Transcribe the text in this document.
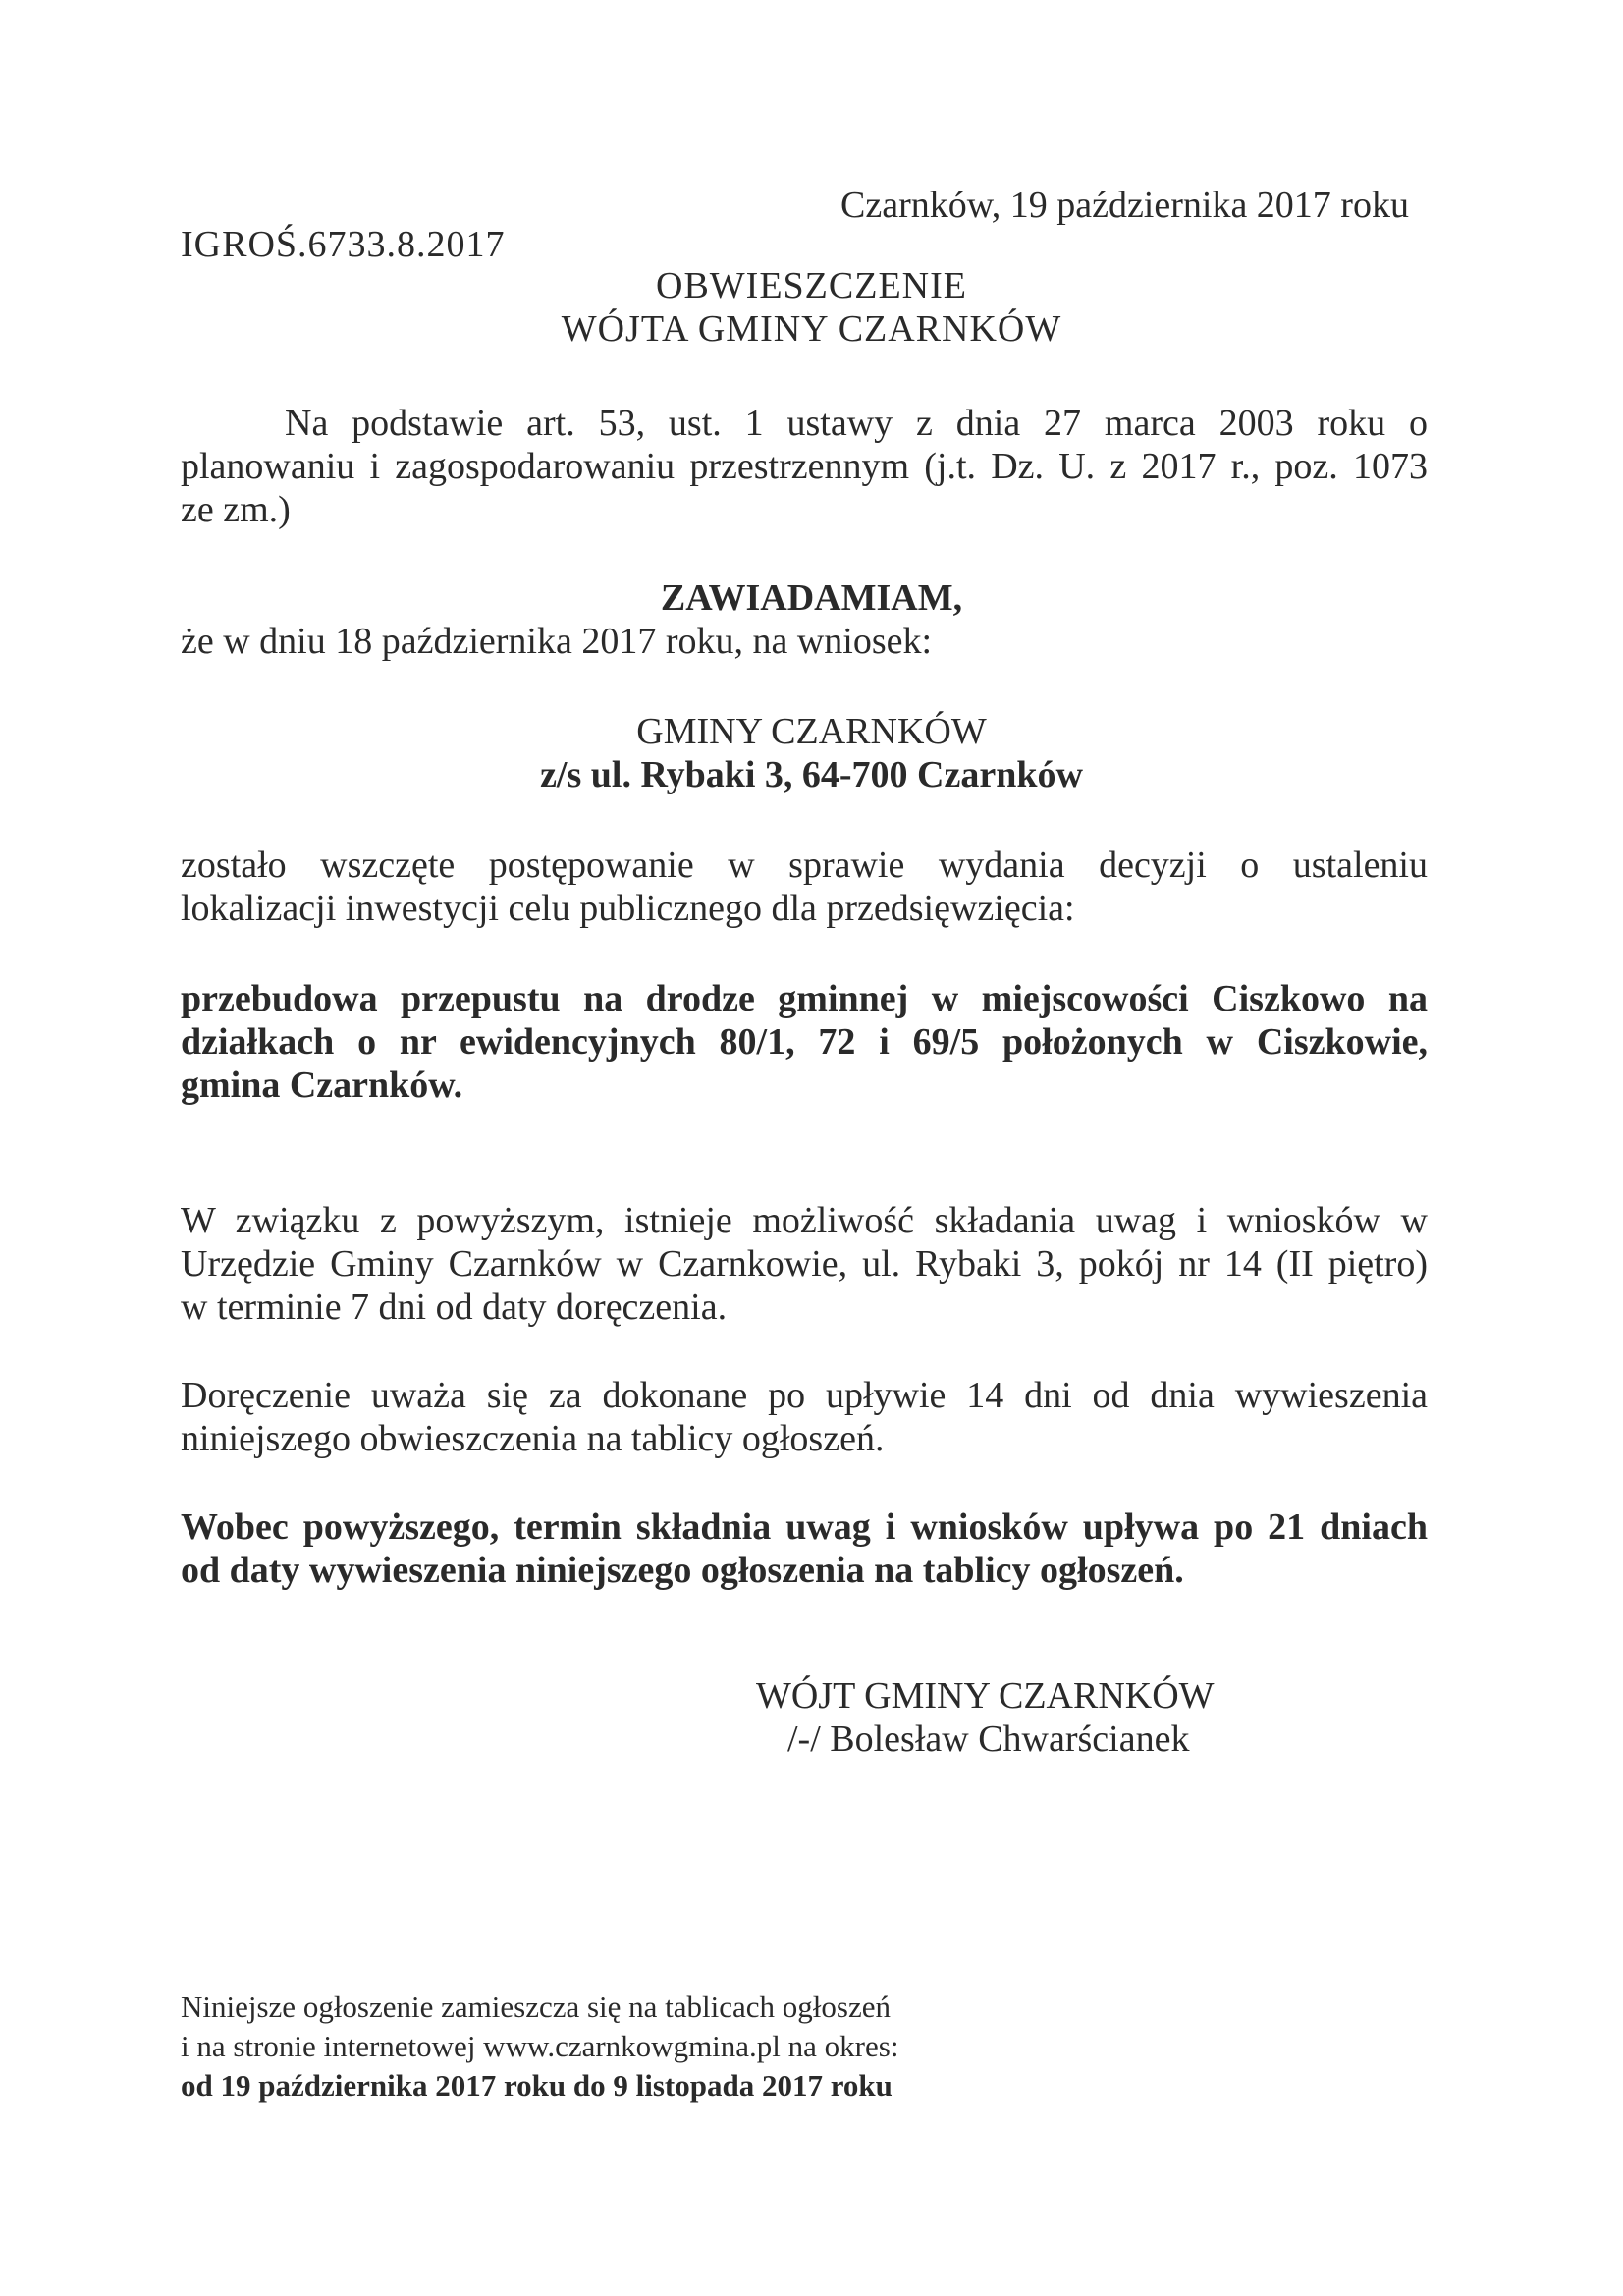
Czarnków, 19 października 2017 roku
IGROŚ.6733.8.2017
OBWIESZCZENIE
WÓJTA GMINY CZARNKÓW
Na podstawie art. 53, ust. 1 ustawy z dnia 27 marca 2003 roku o
planowaniu i zagospodarowaniu przestrzennym (j.t. Dz. U. z 2017 r., poz. 1073
ze zm.)
ZAWIADAMIAM,
że w dniu 18 października 2017 roku, na wniosek:
GMINY CZARNKÓW
z/s ul. Rybaki 3, 64-700 Czarnków
zostało wszczęte postępowanie w sprawie wydania decyzji o ustaleniu
lokalizacji inwestycji celu publicznego dla przedsięwzięcia:
przebudowa przepustu na drodze gminnej w miejscowości Ciszkowo na
działkach o nr ewidencyjnych 80/1, 72 i 69/5 położonych w Ciszkowie,
gmina Czarnków.
W związku z powyższym, istnieje możliwość składania uwag i wniosków w
Urzędzie Gminy Czarnków w Czarnkowie, ul. Rybaki 3, pokój nr 14 (II piętro)
w terminie 7 dni od daty doręczenia.
Doręczenie uważa się za dokonane po upływie 14 dni od dnia wywieszenia
niniejszego obwieszczenia na tablicy ogłoszeń.
Wobec powyższego, termin składnia uwag i wniosków upływa po 21 dniach
od daty wywieszenia niniejszego ogłoszenia na tablicy ogłoszeń.
WÓJT GMINY CZARNKÓW
/-/ Bolesław Chwarścianek
Niniejsze ogłoszenie zamieszcza się na tablicach ogłoszeń
i na stronie internetowej www.czarnkowgmina.pl na okres:
od 19 października 2017 roku do 9 listopada 2017 roku
